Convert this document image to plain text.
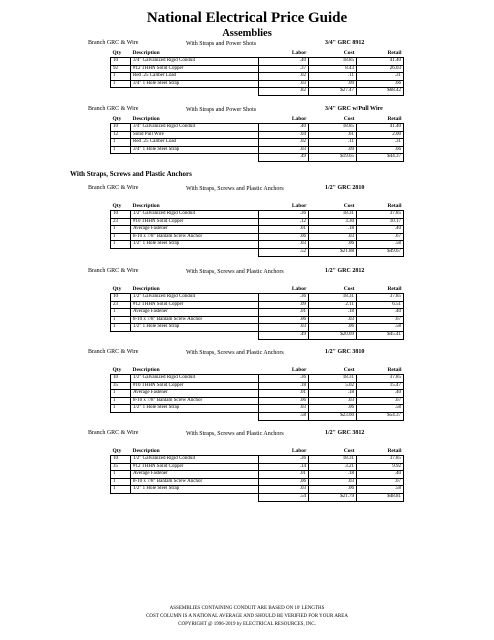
National Electrical Price Guide
Assemblies
With Straps, Screws and Plastic Anchors
Branch GRC & Wire	With Straps and Power Shots	3/4" GRC 8912
Qty	Description	Labor	Cost	Retail
10	3/4" Galvanized Rigid Conduit	.40	18.85	41.40
92	#12 THHN Solid Copper	.37	8.43	26.03
1	Red .25 Caliber Load	.02	.11	.31
1	3/4" 1 Hole Steel Strap	.03	.09	.66
		.82	$27.47	$68.42
Branch GRC & Wire	With Straps and Power Shots	3/4" GRC w/Pull Wire
Qty	Description	Labor	Cost	Retail
10	3/4" Galvanized Rigid Conduit	.40	18.85	41.40
12	Solid Pull Wire	.04	.61	2.00
1	Red .25 Caliber Load	.02	.11	.31
1	3/4" 1 Hole Steel Strap	.03	.09	.66
		.49	$19.65	$44.37
Branch GRC & Wire	With Straps, Screws and Plastic Anchors	1/2" GRC 2810
Qty	Description	Labor	Cost	Retail
10	1/2" Galvanized Rigid Conduit	.36	18.31	37.85
23	#10 THHN Solid Copper	.12	3.30	10.17
1	Average Fastener	.01	.18	.40
1	8-10 x 7/8" Bantam Screw Anchor	.06	.03	.67
1	1/2" 1 Hole Steel Strap	.03	.06	.58
		.52	$21.88	$49.67
Branch GRC & Wire	With Straps, Screws and Plastic Anchors	1/2" GRC 2812
Qty	Description	Labor	Cost	Retail
10	1/2" Galvanized Rigid Conduit	.36	18.31	37.85
23	#12 THHN Solid Copper	.09	2.11	6.51
1	Average Fastener	.01	.18	.40
1	8-10 x 7/8" Bantam Screw Anchor	.06	.03	.67
1	1/2" 1 Hole Steel Strap	.03	.06	.58
		.49	$20.69	$45.41
Branch GRC & Wire	With Straps, Screws and Plastic Anchors	1/2" GRC 3810
Qty	Description	Labor	Cost	Retail
10	1/2" Galvanized Rigid Conduit	.36	18.31	37.85
35	#10 THHN Solid Copper	.18	5.02	15.47
1	Average Fastener	.01	.18	.40
1	8-10 x 7/8" Bantam Screw Anchor	.06	.03	.67
1	1/2" 1 Hole Steel Strap	.03	.06	.58
		.58	$23.60	$54.37
Branch GRC & Wire	With Straps, Screws and Plastic Anchors	1/2" GRC 3812
Qty	Description	Labor	Cost	Retail
10	1/2" Galvanized Rigid Conduit	.36	18.31	37.85
35	#12 THHN Solid Copper	.14	3.21	9.92
1	Average Fastener	.01	.18	.40
1	8-10 x 7/8" Bantam Screw Anchor	.06	.03	.67
1	1/2" 1 Hole Steel Strap	.03	.06	.58
		.54	$21.79	$48.81
ASSEMBLIES CONTAINING CONDUIT ARE BASED ON 10' LENGTHS
COST COLUMN IS A NATIONAL AVERAGE AND SHOULD BE VERIFIED FOR YOUR AREA
COPYRIGHT @ 1996-2019 by ELECTRICAL RESOURCES, INC.
